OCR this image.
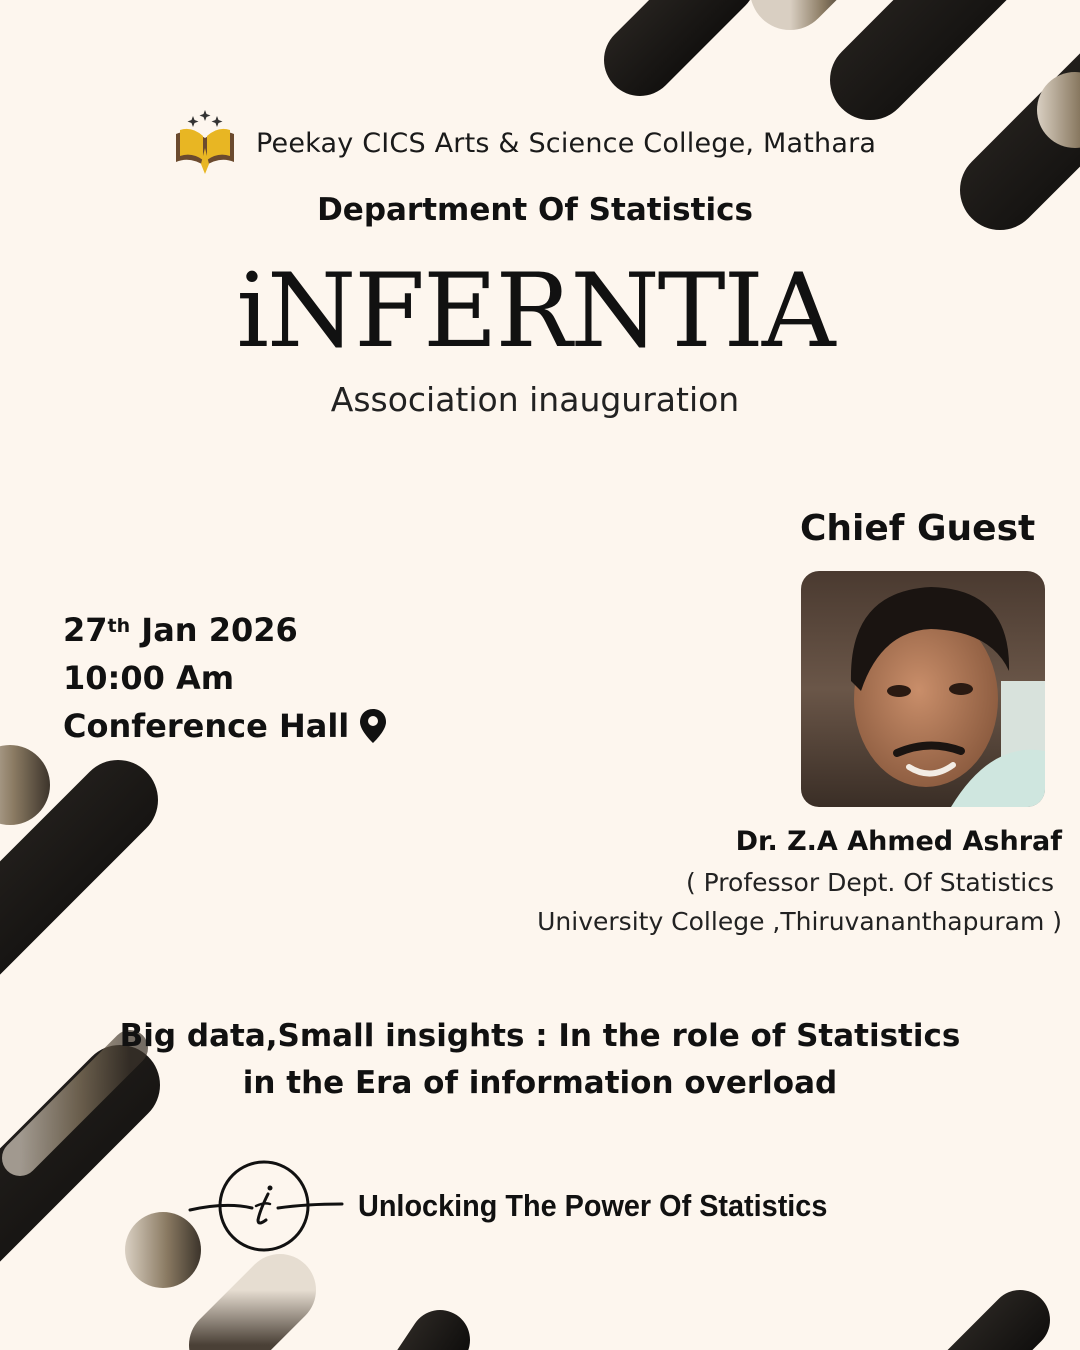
Peekay CICS Arts & Science College, Mathara
Department Of Statistics
iNFERNTIA
Association inauguration
Chief Guest
27th Jan 2026
10:00 Am
Conference Hall
Dr. Z.A Ahmed Ashraf
( Professor Dept. Of Statistics
University College ,Thiruvananthapuram )
Big data,Small insights : In the role of Statistics
in the Era of information overload
Unlocking The Power Of Statistics
